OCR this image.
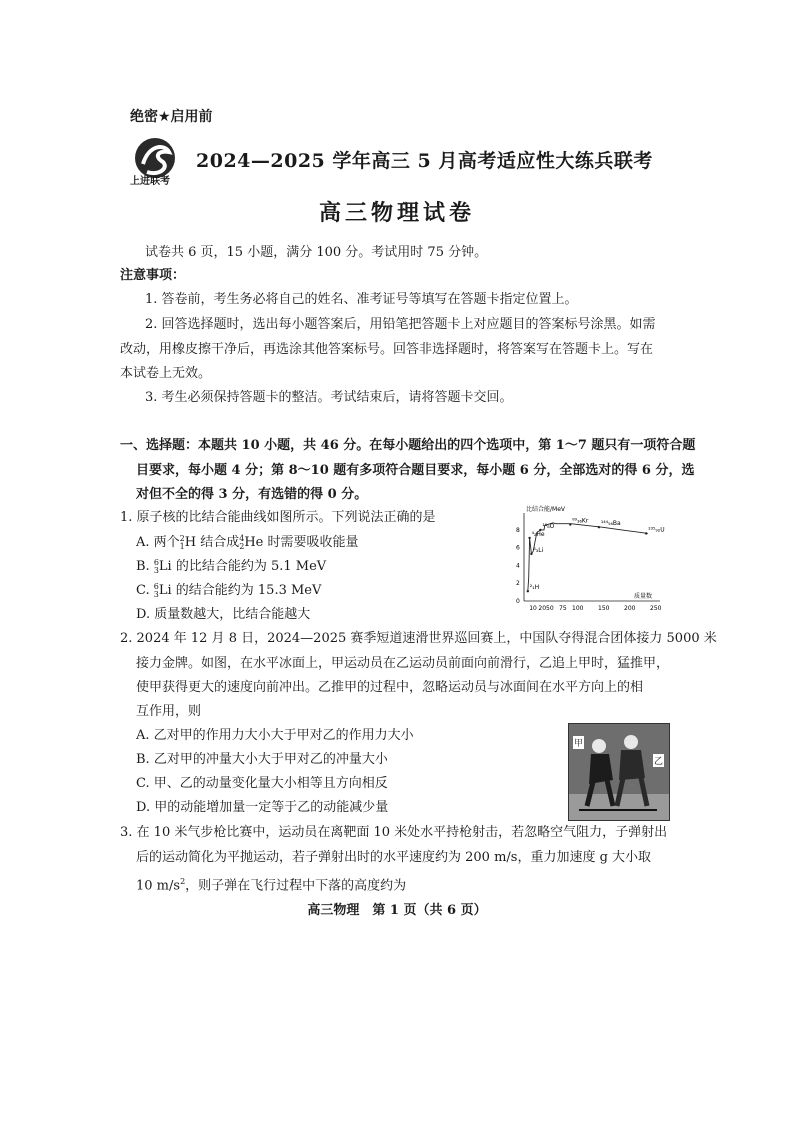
绝密★启用前
上进联考
2024—2025 学年高三 5 月高考适应性大练兵联考
高三物理试卷
试卷共 6 页，15 小题，满分 100 分。考试用时 75 分钟。
注意事项：
1. 答卷前，考生务必将自己的姓名、准考证号等填写在答题卡指定位置上。
2. 回答选择题时，选出每小题答案后，用铅笔把答题卡上对应题目的答案标号涂黑。如需
改动，用橡皮擦干净后，再选涂其他答案标号。回答非选择题时，将答案写在答题卡上。写在
本试卷上无效。
3. 考生必须保持答题卡的整洁。考试结束后，请将答题卡交回。
一、选择题：本题共 10 小题，共 46 分。在每小题给出的四个选项中，第 1～7 题只有一项符合题
目要求，每小题 4 分；第 8～10 题有多项符合题目要求，每小题 6 分，全部选对的得 6 分，选
对但不全的得 3 分，有选错的得 0 分。
1. 原子核的比结合能曲线如图所示。下列说法正确的是
A. 两个 2
1 H 结合成 4
2 He 时需要吸收能量
B. 6
3 Li 的比结合能约为 5.1 MeV
C. 6
3 Li 的结合能约为 15.3 MeV
D. 质量数越大，比结合能越大
比结合能/MeV
质量数
0
2
4
6
8
10 20 50 75 100 150 200 250
²₁H
⁶₃Li
⁴₂He
¹⁶₈O
⁸⁹₃₆Kr ¹⁴⁴₅₆Ba
²³⁵₉₂U
2. 2024 年 12 月 8 日，2024—2025 赛季短道速滑世界巡回赛上，中国队夺得混合团体接力 5000 米
接力金牌。如图，在水平冰面上，甲运动员在乙运动员前面向前滑行，乙追上甲时，猛推甲，
使甲获得更大的速度向前冲出。乙推甲的过程中，忽略运动员与冰面间在水平方向上的相
互作用，则
A. 乙对甲的作用力大小大于甲对乙的作用力大小
B. 乙对甲的冲量大小大于甲对乙的冲量大小
C. 甲、乙的动量变化量大小相等且方向相反
D. 甲的动能增加量一定等于乙的动能减少量
甲
乙
3. 在 10 米气步枪比赛中，运动员在离靶面 10 米处水平持枪射击，若忽略空气阻力，子弹射出
后的运动简化为平抛运动，若子弹射出时的水平速度约为 200 m/s，重力加速度 g 大小取
10 $m/s^2$，则子弹在飞行过程中下落的高度约为
高三物理　第 1 页（共 6 页）
